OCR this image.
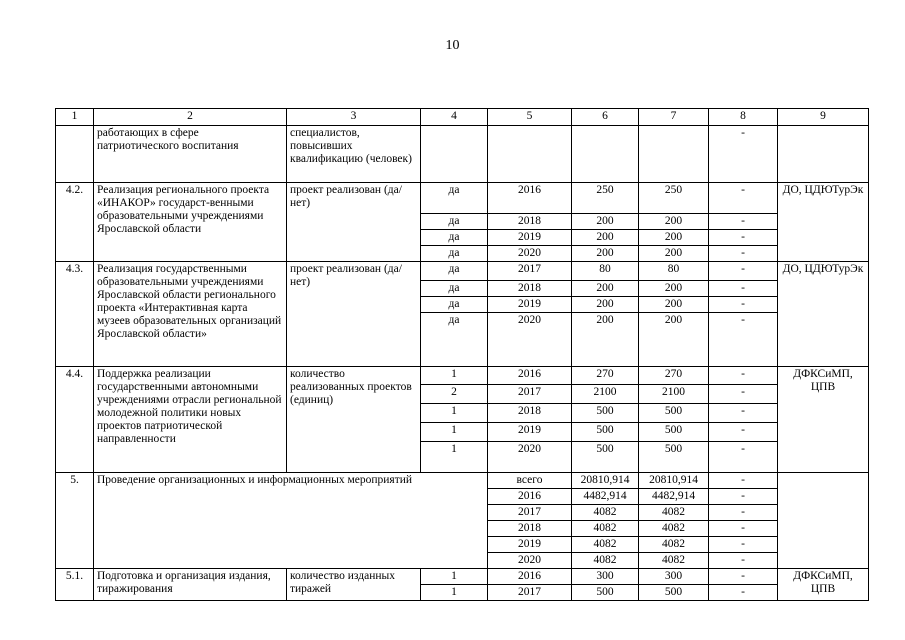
10
1	2	3	4	5	6	7	8	9
	работающих в сфере патриотического воспитания	специалистов, повысивших квалификацию (человек)					-	
4.2.	Реализация регионального проекта «ИНАКОР» государст-венными образовательными учреждениями Ярославской области	проект реализован (да/нет)	да	2016	250	250	-	ДО, ЦДЮТурЭк
			да	2018	200	200	-	
			да	2019	200	200	-	
			да	2020	200	200	-	
4.3.	Реализация государственными образовательными учреждениями Ярославской области регионального проекта «Интерактивная карта музеев образовательных организаций Ярославской области»	проект реализован (да/нет)	да	2017	80	80	-	ДО, ЦДЮТурЭк
			да	2018	200	200	-	
			да	2019	200	200	-	
			да	2020	200	200	-	
4.4.	Поддержка реализации государственными автономными учреждениями отрасли региональной молодежной политики новых проектов патриотической направленности	количество реализованных проектов (единиц)	1	2016	270	270	-	ДФКСиМП, ЦПВ
			2	2017	2100	2100	-	
			1	2018	500	500	-	
			1	2019	500	500	-	
			1	2020	500	500	-	
5.	Проведение организационных и информационных мероприятий			всего	20810,914	20810,914	-	
				2016	4482,914	4482,914	-	
				2017	4082	4082	-	
				2018	4082	4082	-	
				2019	4082	4082	-	
				2020	4082	4082	-	
5.1.	Подготовка и организация издания, тиражирования	количество изданных тиражей	1	2016	300	300	-	ДФКСиМП, ЦПВ
			1	2017	500	500	-	
